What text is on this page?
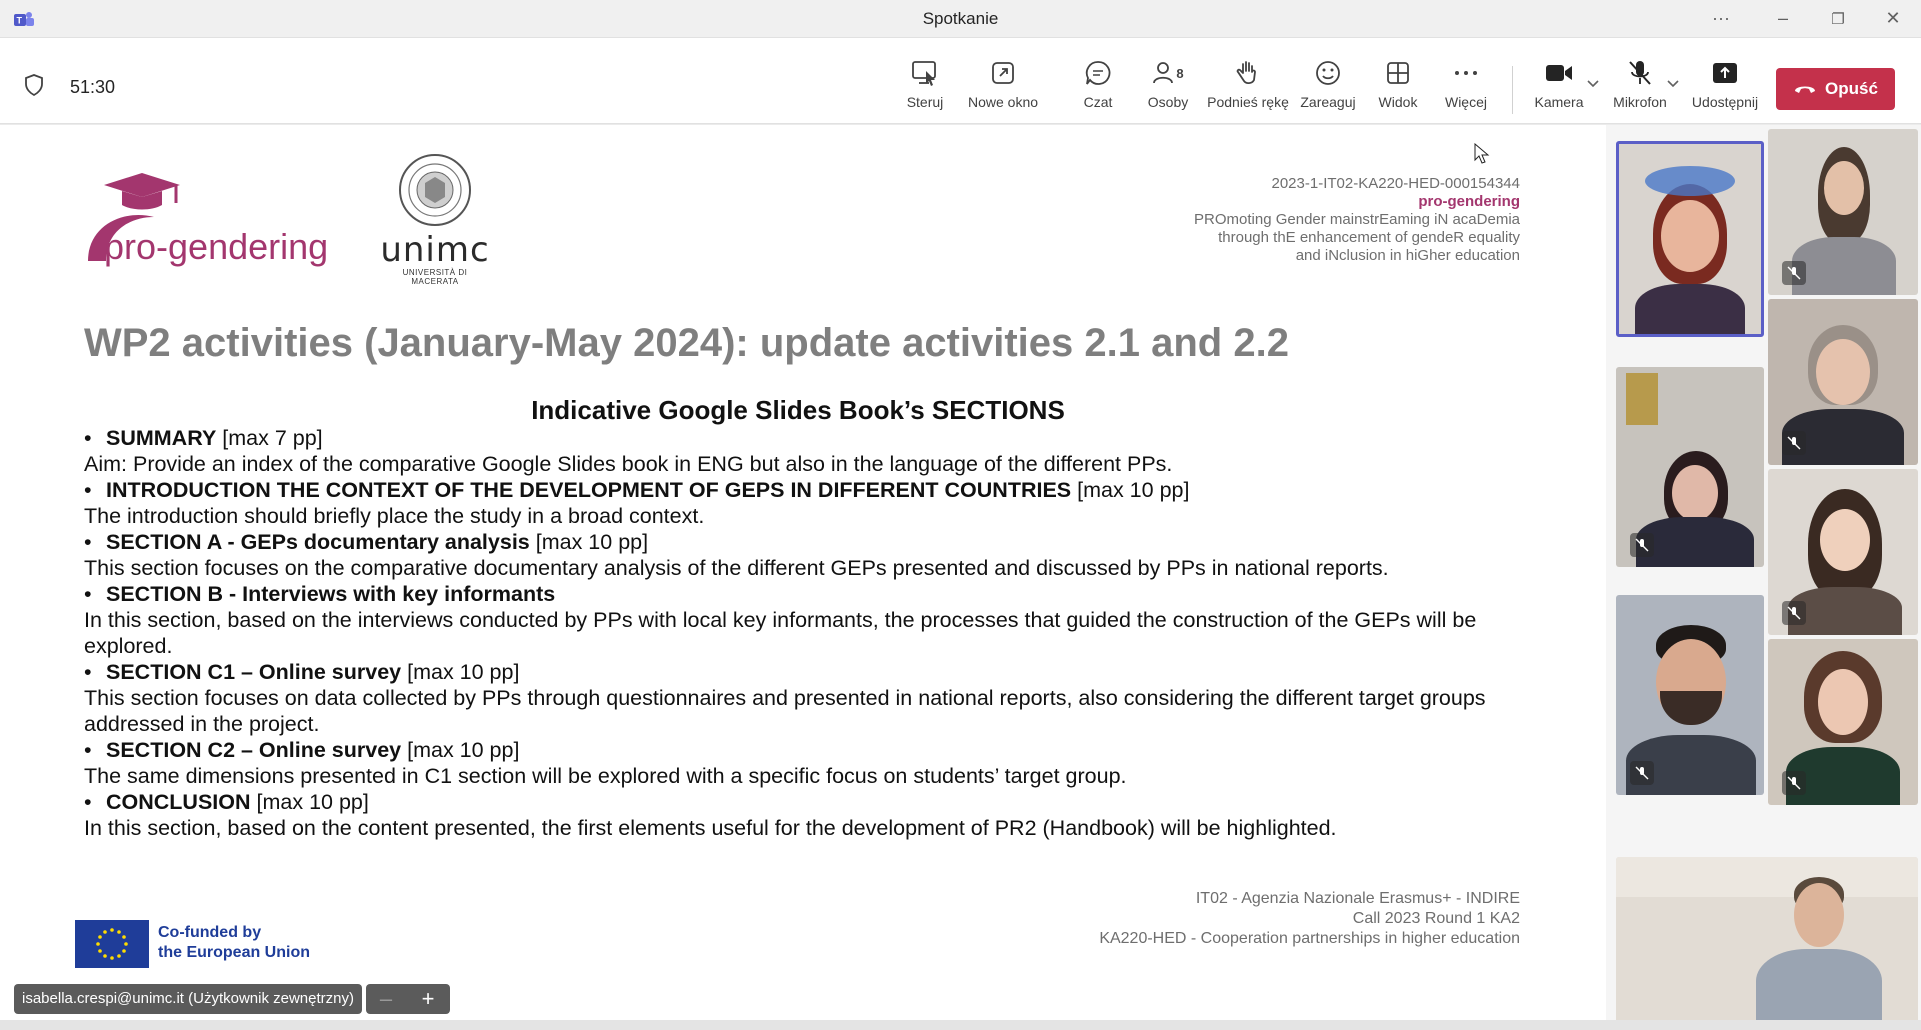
T	Spotkanie	···	–	❐	✕
51:30
Steruj	Nowe okno	Czat
8
Osoby Podnieś rękę Zareaguj	Widok	Więcej	Kamera	Mikrofon Udostępnij
Opuść
pro-gendering unimc
UNIVERSITÀ DI MACERATA
2023-1-IT02-KA220-HED-000154344
pro-gendering
PROmoting Gender mainstrEaming iN acaDemia
through thE enhancement of gendeR equality
and iNclusion in hiGher education
WP2 activities (January-May 2024): update activities 2.1 and 2.2
Indicative Google Slides Book’s SECTIONS
• SUMMARY [max 7 pp]
Aim: Provide an index of the comparative Google Slides book in ENG but also in the language of the different PPs.
• INTRODUCTION THE CONTEXT OF THE DEVELOPMENT OF GEPS IN DIFFERENT COUNTRIES [max 10 pp]
The introduction should briefly place the study in a broad context.
• SECTION A - GEPs documentary analysis [max 10 pp]
This section focuses on the comparative documentary analysis of the different GEPs presented and discussed by PPs in national reports.
• SECTION B - Interviews with key informants
In this section, based on the interviews conducted by PPs with local key informants, the processes that guided the construction of the GEPs will be explored.
• SECTION C1 – Online survey [max 10 pp]
This section focuses on data collected by PPs through questionnaires and presented in national reports, also considering the different target groups addressed in the project.
• SECTION C2 – Online survey [max 10 pp]
The same dimensions presented in C1 section will be explored with a specific focus on students’ target group.
• CONCLUSION [max 10 pp]
In this section, based on the content presented, the first elements useful for the development of PR2 (Handbook) will be highlighted.
Co-funded by
the European Union
IT02 - Agenzia Nazionale Erasmus+ - INDIRE
Call 2023 Round 1 KA2
KA220-HED - Cooperation partnerships in higher education
isabella.crespi@unimc.it (Użytkownik zewnętrzny)	–	+
